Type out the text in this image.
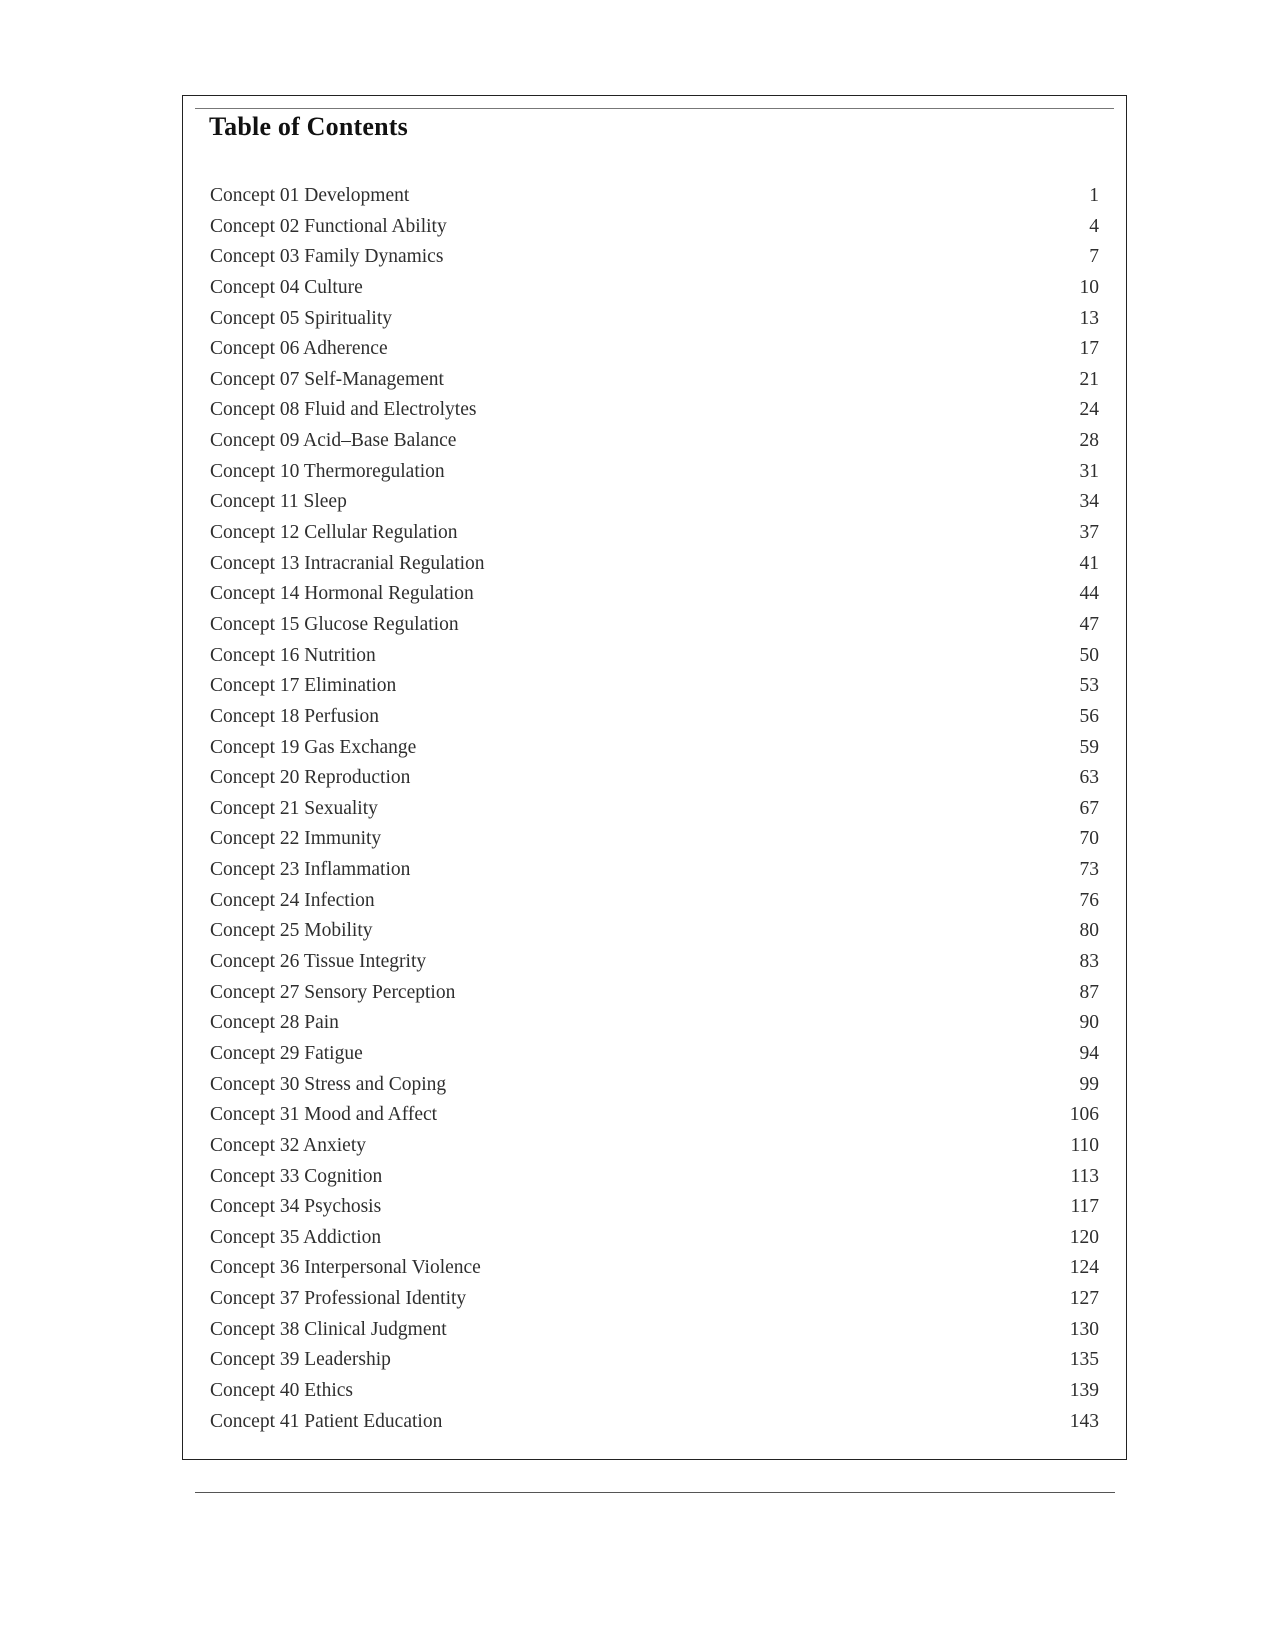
Table of Contents
Concept 01 Development	1
Concept 02 Functional Ability	4
Concept 03 Family Dynamics	7
Concept 04 Culture	10
Concept 05 Spirituality	13
Concept 06 Adherence	17
Concept 07 Self-Management	21
Concept 08 Fluid and Electrolytes	24
Concept 09 Acid–Base Balance	28
Concept 10 Thermoregulation	31
Concept 11 Sleep	34
Concept 12 Cellular Regulation	37
Concept 13 Intracranial Regulation	41
Concept 14 Hormonal Regulation	44
Concept 15 Glucose Regulation	47
Concept 16 Nutrition	50
Concept 17 Elimination	53
Concept 18 Perfusion	56
Concept 19 Gas Exchange	59
Concept 20 Reproduction	63
Concept 21 Sexuality	67
Concept 22 Immunity	70
Concept 23 Inflammation	73
Concept 24 Infection	76
Concept 25 Mobility	80
Concept 26 Tissue Integrity	83
Concept 27 Sensory Perception	87
Concept 28 Pain	90
Concept 29 Fatigue	94
Concept 30 Stress and Coping	99
Concept 31 Mood and Affect	106
Concept 32 Anxiety	110
Concept 33 Cognition	113
Concept 34 Psychosis	117
Concept 35 Addiction	120
Concept 36 Interpersonal Violence	124
Concept 37 Professional Identity	127
Concept 38 Clinical Judgment	130
Concept 39 Leadership	135
Concept 40 Ethics	139
Concept 41 Patient Education	143
